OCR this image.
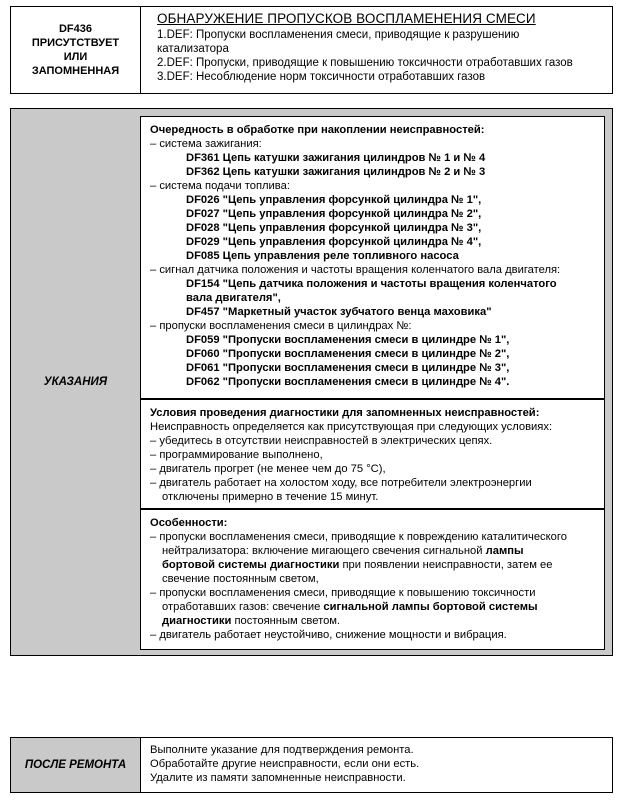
DF436
ПРИСУТСТВУЕТ
ИЛИ
ЗАПОМНЕННАЯ
ОБНАРУЖЕНИЕ ПРОПУСКОВ ВОСПЛАМЕНЕНИЯ СМЕСИ
1.DEF: Пропуски воспламенения смеси, приводящие к разрушению
катализатора
2.DEF: Пропуски, приводящие к повышению токсичности отработавших газов
3.DEF: Несоблюдение норм токсичности отработавших газов
УКАЗАНИЯ
Очередность в обработке при накоплении неисправностей:
– система зажигания:
DF361 Цепь катушки зажигания цилиндров № 1 и № 4
DF362 Цепь катушки зажигания цилиндров № 2 и № 3
– система подачи топлива:
DF026 "Цепь управления форсункой цилиндра № 1",
DF027 "Цепь управления форсункой цилиндра № 2",
DF028 "Цепь управления форсункой цилиндра № 3",
DF029 "Цепь управления форсункой цилиндра № 4",
DF085 Цепь управления реле топливного насоса
– сигнал датчика положения и частоты вращения коленчатого вала двигателя:
DF154 "Цепь датчика положения и частоты вращения коленчатого
вала двигателя",
DF457 "Маркетный участок зубчатого венца маховика"
– пропуски воспламенения смеси в цилиндрах №:
DF059 "Пропуски воспламенения смеси в цилиндре № 1",
DF060 "Пропуски воспламенения смеси в цилиндре № 2",
DF061 "Пропуски воспламенения смеси в цилиндре № 3",
DF062 "Пропуски воспламенения смеси в цилиндре № 4".
Условия проведения диагностики для запомненных неисправностей:
Неисправность определяется как присутствующая при следующих условиях:
– убедитесь в отсутствии неисправностей в электрических цепях.
– программирование выполнено,
– двигатель прогрет (не менее чем до 75 °C),
– двигатель работает на холостом ходу, все потребители электроэнергии
отключены примерно в течение 15 минут.
Особенности:
– пропуски воспламенения смеси, приводящие к повреждению каталитического
нейтрализатора: включение мигающего свечения сигнальной лампы
бортовой системы диагностики при появлении неисправности, затем ее
свечение постоянным светом,
– пропуски воспламенения смеси, приводящие к повышению токсичности
отработавших газов: свечение сигнальной лампы бортовой системы
диагностики постоянным светом.
– двигатель работает неустойчиво, снижение мощности и вибрация.
ПОСЛЕ РЕМОНТА
Выполните указание для подтверждения ремонта.
Обработайте другие неисправности, если они есть.
Удалите из памяти запомненные неисправности.
